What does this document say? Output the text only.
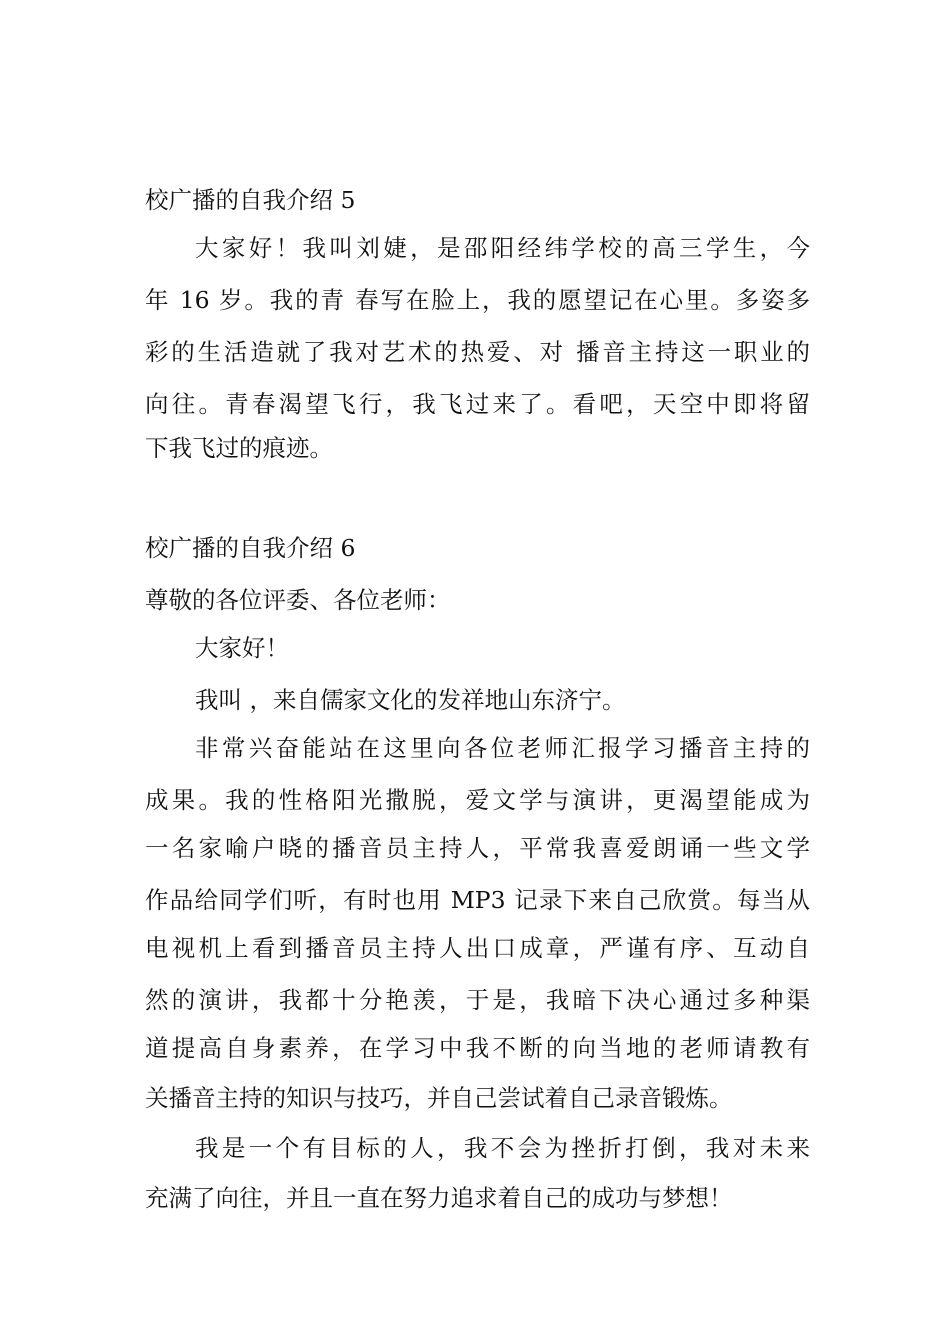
校广播的自我介绍 5
大家好！我叫刘婕，是邵阳经纬学校的高三学生，今
年 16 岁。我的青 春写在脸上，我的愿望记在心里。多姿多
彩的生活造就了我对艺术的热爱、对 播音主持这一职业的
向往。青春渴望飞行，我飞过来了。看吧，天空中即将留
下我飞过的痕迹。
校广播的自我介绍 6
尊敬的各位评委、各位老师：
大家好！
我叫 ，来自儒家文化的发祥地山东济宁。
非常兴奋能站在这里向各位老师汇报学习播音主持的
成果。我的性格阳光撒脱，爱文学与演讲，更渴望能成为
一名家喻户晓的播音员主持人，平常我喜爱朗诵一些文学
作品给同学们听，有时也用 MP3 记录下来自己欣赏。每当从
电视机上看到播音员主持人出口成章，严谨有序、互动自
然的演讲，我都十分艳羡，于是，我暗下决心通过多种渠
道提高自身素养，在学习中我不断的向当地的老师请教有
关播音主持的知识与技巧，并自己尝试着自己录音锻炼。
我是一个有目标的人，我不会为挫折打倒，我对未来
充满了向往，并且一直在努力追求着自己的成功与梦想！
